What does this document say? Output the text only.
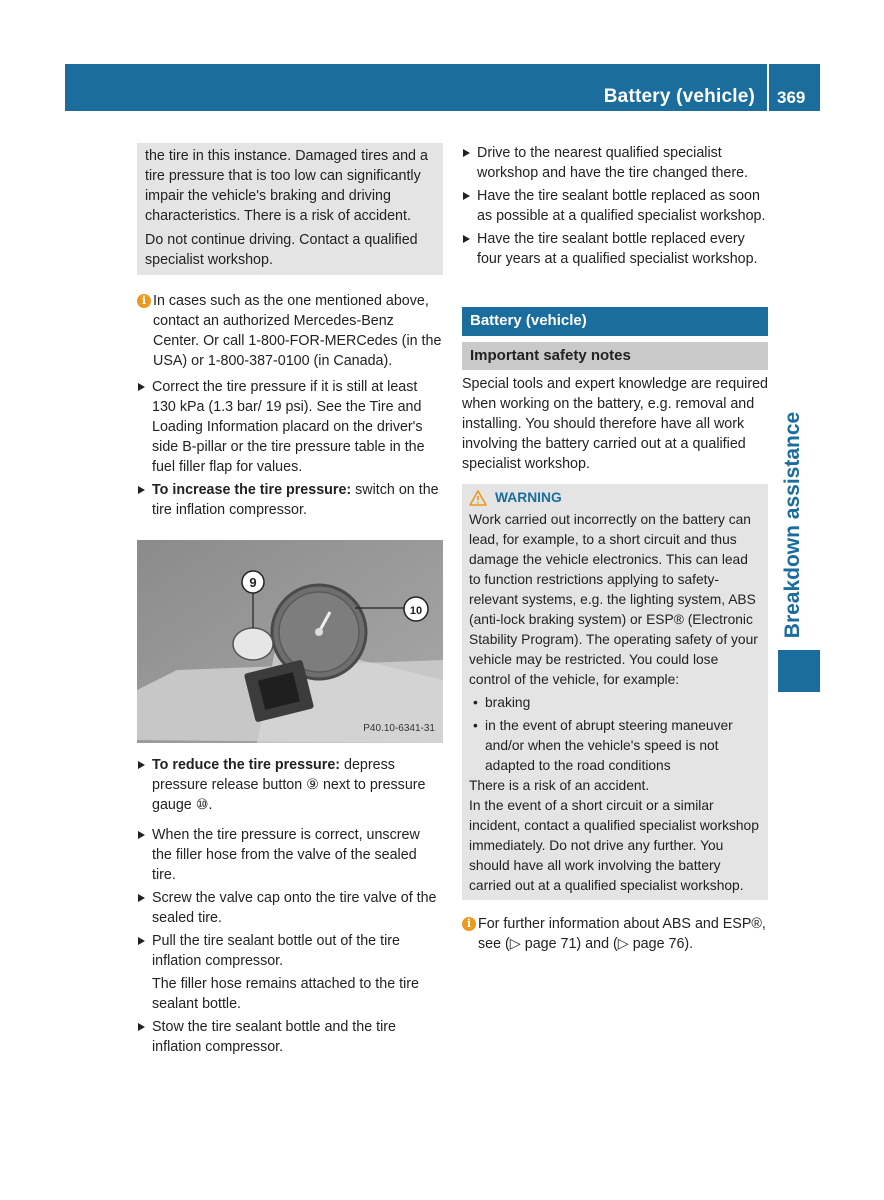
Battery (vehicle) 369
Breakdown assistance

the tire in this instance. Damaged tires and a tire pressure that is too low can significantly impair the vehicle's braking and driving characteristics. There is a risk of accident.

Do not continue driving. Contact a qualified specialist workshop.

i In cases such as the one mentioned above, contact an authorized Mercedes-Benz Center. Or call 1-800-FOR-MERCedes (in the USA) or 1-800-387-0100 (in Canada).
Correct the tire pressure if it is still at least 130 kPa (1.3 bar/ 19 psi). See the Tire and Loading Information placard on the driver's side B-pillar or the tire pressure table in the fuel filler flap for values.
To increase the tire pressure: switch on the tire inflation compressor.
9
10
P40.10-6341-31
To reduce the tire pressure: depress pressure release button ⑨ next to pressure gauge ⑩.
When the tire pressure is correct, unscrew the filler hose from the valve of the sealed tire.
Screw the valve cap onto the tire valve of the sealed tire.
Pull the tire sealant bottle out of the tire inflation compressor.
The filler hose remains attached to the tire sealant bottle.
Stow the tire sealant bottle and the tire inflation compressor.
Drive to the nearest qualified specialist workshop and have the tire changed there.
Have the tire sealant bottle replaced as soon as possible at a qualified specialist workshop.
Have the tire sealant bottle replaced every four years at a qualified specialist workshop.
Battery (vehicle)
Important safety notes
Special tools and expert knowledge are required when working on the battery, e.g. removal and installing. You should therefore have all work involving the battery carried out at a qualified specialist workshop.
WARNING

Work carried out incorrectly on the battery can lead, for example, to a short circuit and thus damage the vehicle electronics. This can lead to function restrictions applying to safety-relevant systems, e.g. the lighting system, ABS (anti-lock braking system) or ESP® (Electronic Stability Program). The operating safety of your vehicle may be restricted. You could lose control of the vehicle, for example:

• braking
• in the event of abrupt steering maneuver and/or when the vehicle's speed is not adapted to the road conditions

There is a risk of an accident.

In the event of a short circuit or a similar incident, contact a qualified specialist workshop immediately. Do not drive any further. You should have all work involving the battery carried out at a qualified specialist workshop.

i For further information about ABS and ESP®, see (▷ page 71) and (▷ page 76).
